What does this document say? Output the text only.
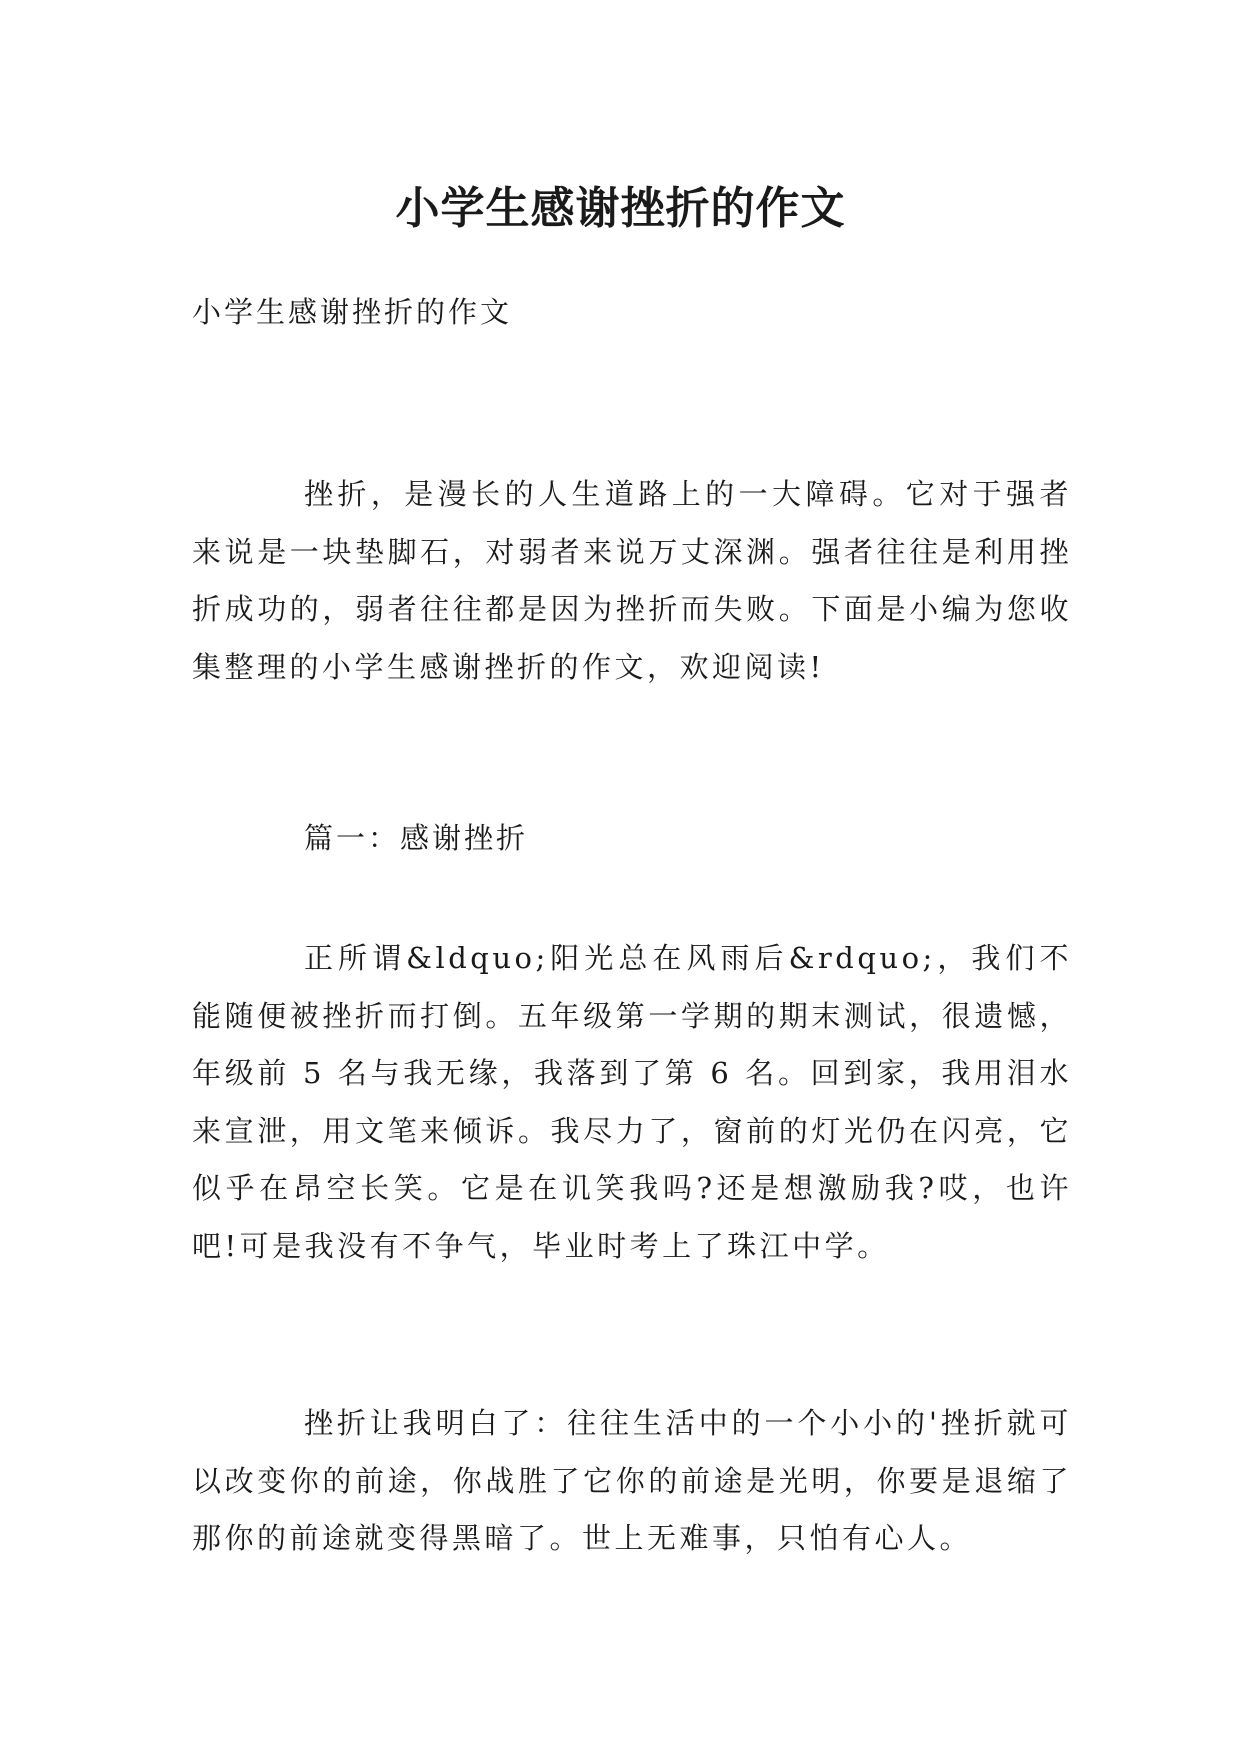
小学生感谢挫折的作文
小学生感谢挫折的作文

挫折，是漫长的人生道路上的一大障碍。它对于强者来说是一块垫脚石，对弱者来说万丈深渊。强者往往是利用挫折成功的，弱者往往都是因为挫折而失败。下面是小编为您收集整理的小学生感谢挫折的作文，欢迎阅读!

篇一：感谢挫折

正所谓&ldquo;阳光总在风雨后&rdquo;，我们不能随便被挫折而打倒。五年级第一学期的期末测试，很遗憾，年级前 5 名与我无缘，我落到了第 6 名。回到家，我用泪水来宣泄，用文笔来倾诉。我尽力了，窗前的灯光仍在闪亮，它似乎在昂空长笑。它是在讥笑我吗?还是想激励我?哎，也许吧!可是我没有不争气，毕业时考上了珠江中学。

挫折让我明白了：往往生活中的一个小小的'挫折就可以改变你的前途，你战胜了它你的前途是光明，你要是退缩了那你的前途就变得黑暗了。世上无难事，只怕有心人。
